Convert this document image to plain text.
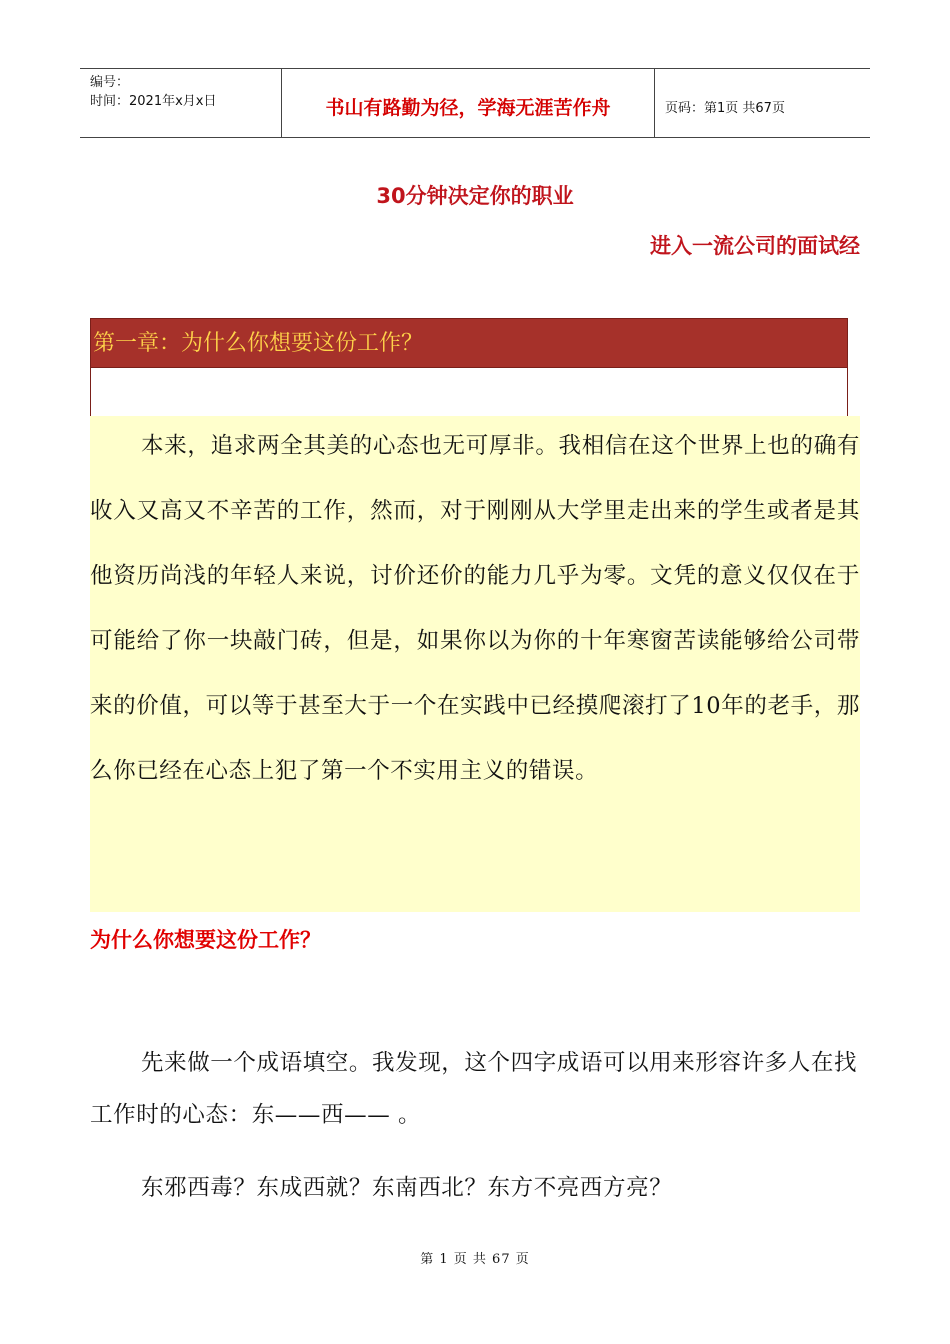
编号：
时间：2021年x月x日	书山有路勤为径，学海无涯苦作舟	页码：第1页 共67页
30分钟决定你的职业
进入一流公司的面试经
第一章：为什么你想要这份工作？

本来，追求两全其美的心态也无可厚非。我相信在这个世界上也的确有收入又高又不辛苦的工作，然而，对于刚刚从大学里走出来的学生或者是其他资历尚浅的年轻人来说，讨价还价的能力几乎为零。文凭的意义仅仅在于可能给了你一块敲门砖，但是，如果你以为你的十年寒窗苦读能够给公司带来的价值，可以等于甚至大于一个在实践中已经摸爬滚打了10年的老手，那么你已经在心态上犯了第一个不实用主义的错误。

为什么你想要这份工作？
先来做一个成语填空。我发现，这个四字成语可以用来形容许多人在找工作时的心态：东——西—— 。
东邪西毒？东成西就？东南西北？东方不亮西方亮？
第 1 页 共 67 页
